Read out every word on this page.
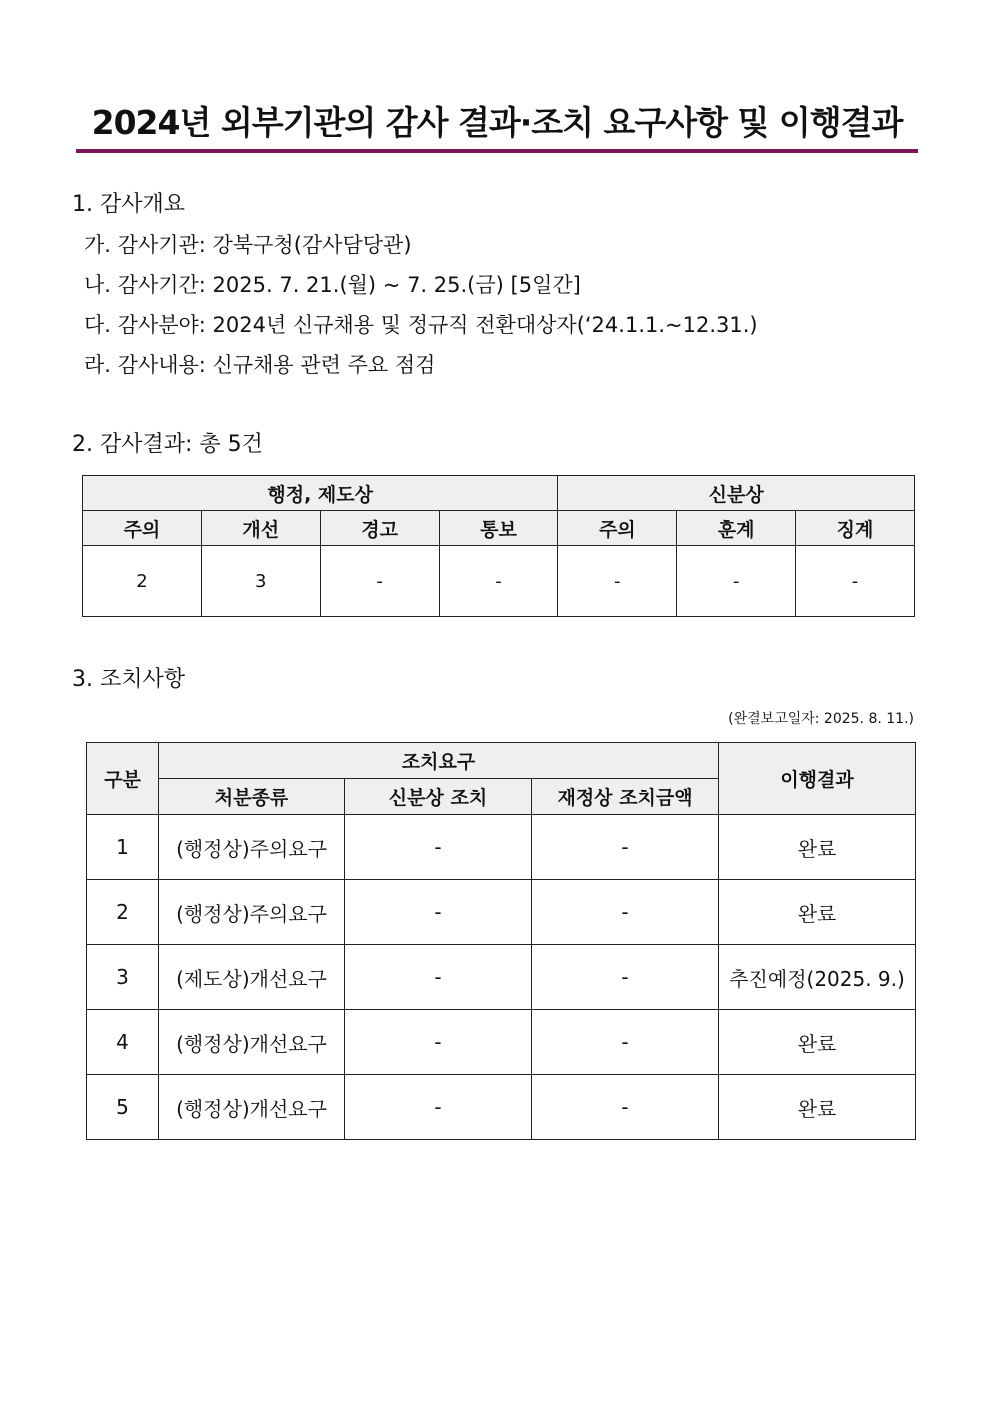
2024년 외부기관의 감사 결과·조치 요구사항 및 이행결과
1. 감사개요
가. 감사기관: 강북구청(감사담당관)
나. 감사기간: 2025. 7. 21.(월) ~ 7. 25.(금) [5일간]
다. 감사분야: 2024년 신규채용 및 정규직 전환대상자(‘24.1.1.~12.31.)
라. 감사내용: 신규채용 관련 주요 점검
2. 감사결과: 총 5건
행정, 제도상				신분상		
주의	개선	경고	통보	주의	훈계	징계
2	3	-	-	-	-	-
3. 조치사항
(완결보고일자: 2025. 8. 11.)
구분	조치요구			이행결과
	처분종류	신분상 조치	재정상 조치금액	
1	(행정상)주의요구	-	-	완료
2	(행정상)주의요구	-	-	완료
3	(제도상)개선요구	-	-	추진예정(2025. 9.)
4	(행정상)개선요구	-	-	완료
5	(행정상)개선요구	-	-	완료
